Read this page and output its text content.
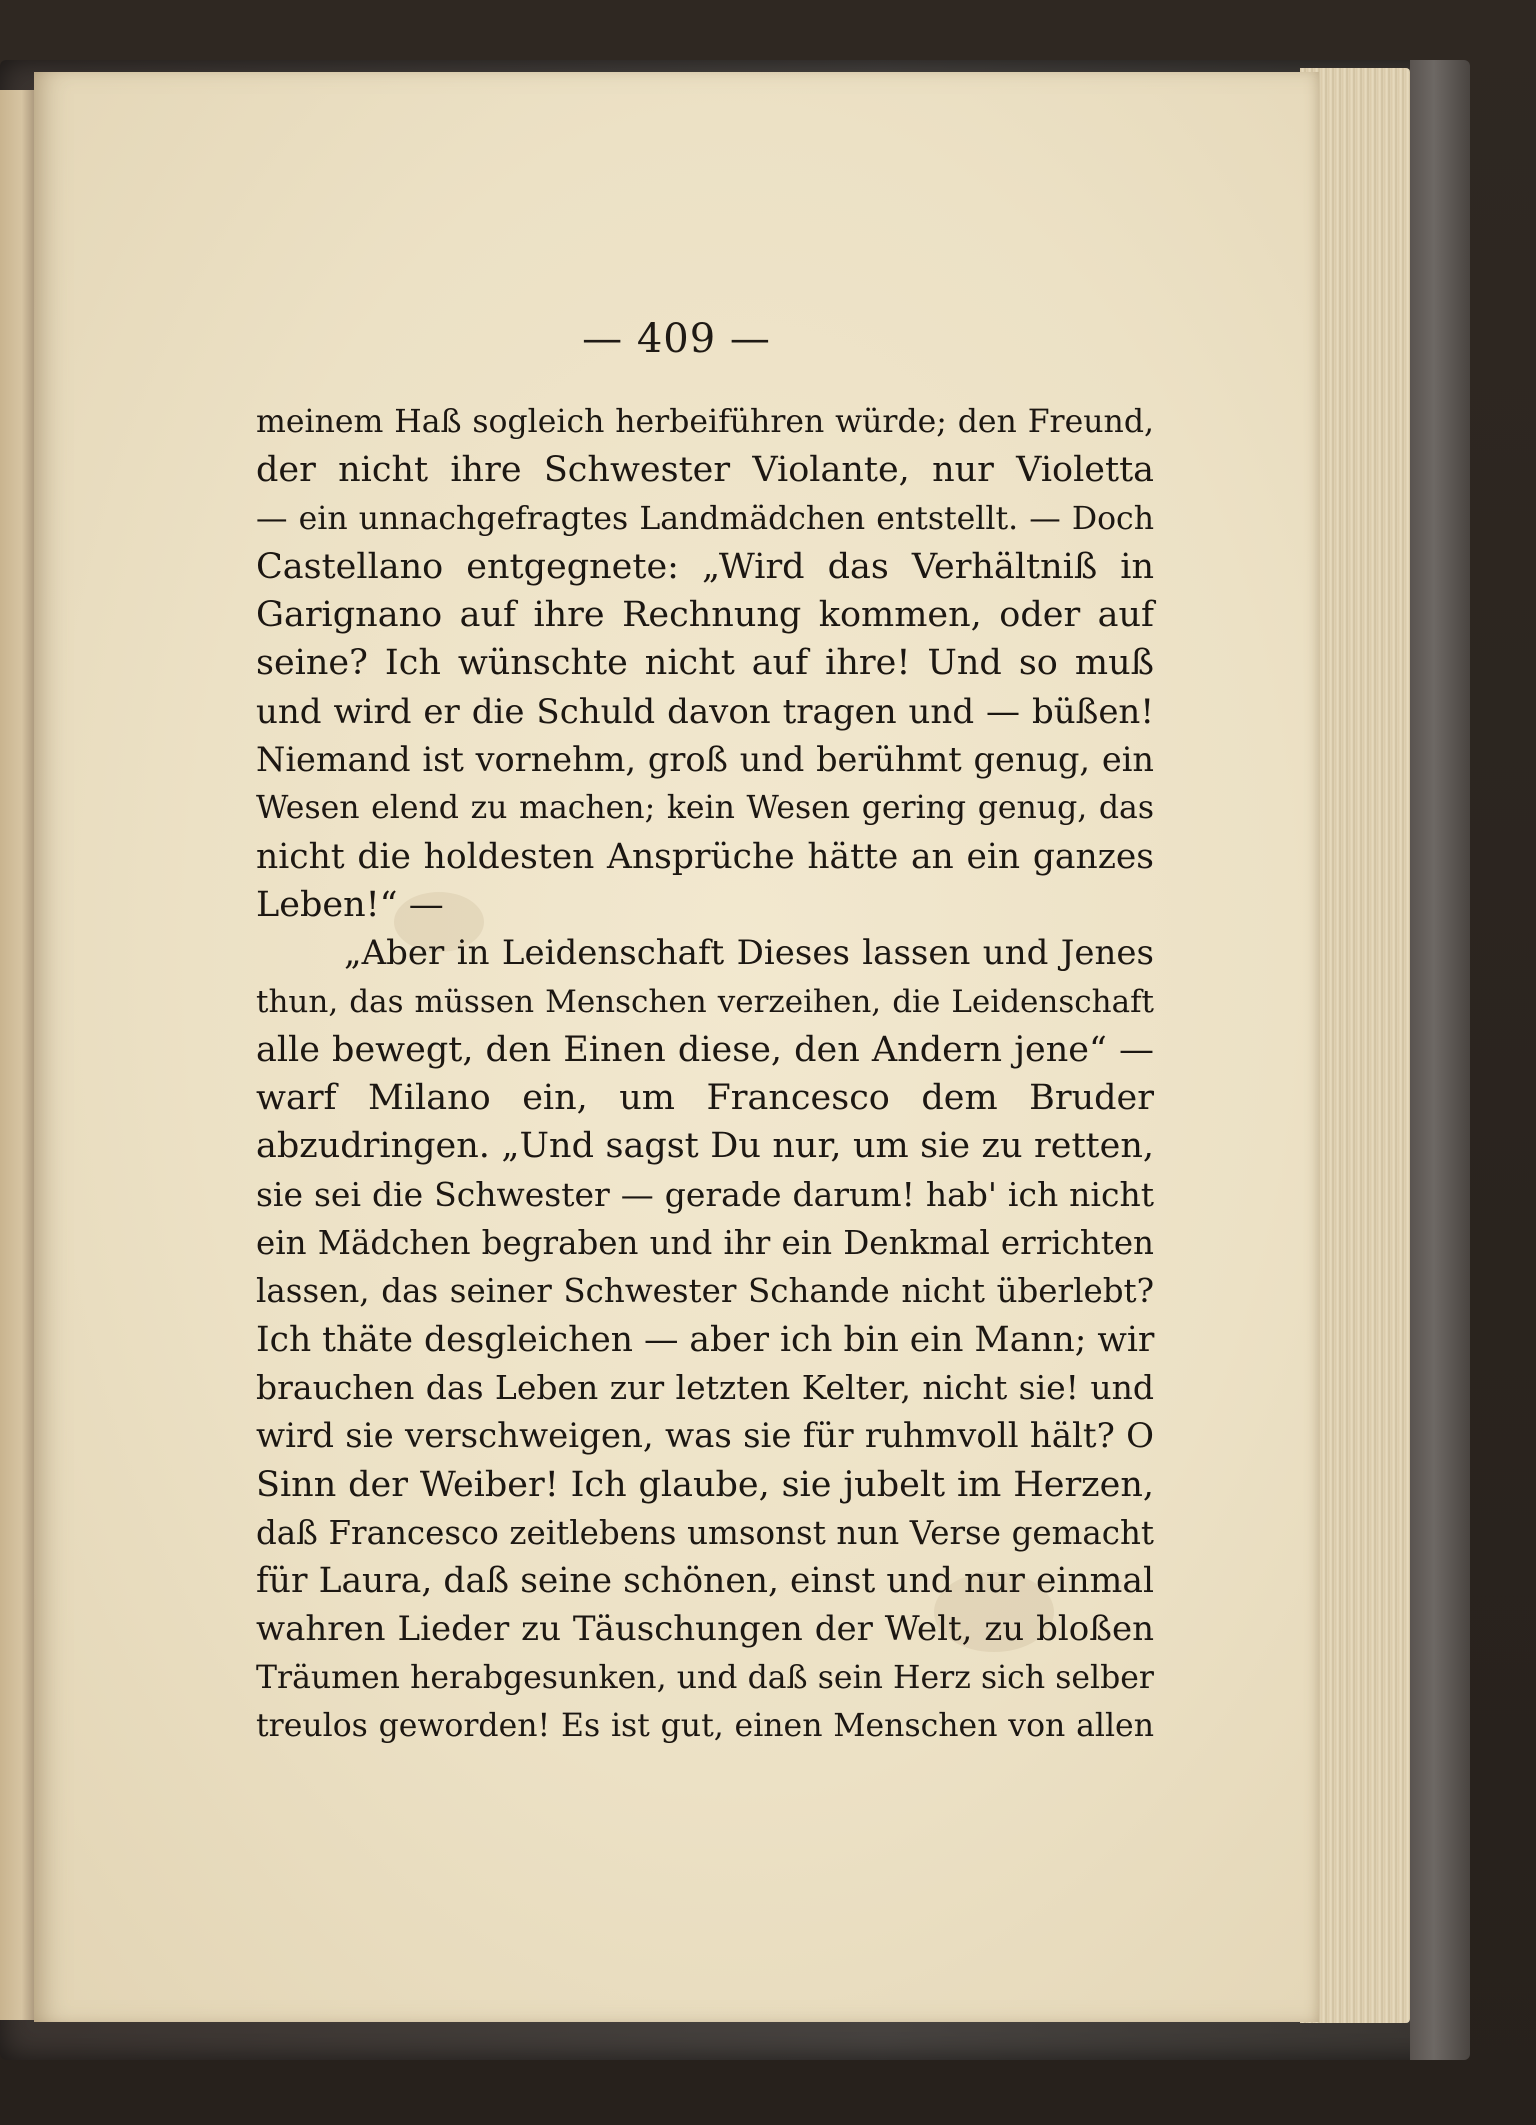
— 409 —
meinem Haß sogleich herbeiführen würde; den Freund,
der nicht ihre Schwester Violante, nur Violetta
— ein unnachgefragtes Landmädchen entstellt. — Doch
Castellano entgegnete: „Wird das Verhältniß in
Garignano auf ihre Rechnung kommen, oder auf
seine? Ich wünschte nicht auf ihre! Und so muß
und wird er die Schuld davon tragen und — büßen!
Niemand ist vornehm, groß und berühmt genug, ein
Wesen elend zu machen; kein Wesen gering genug, das
nicht die holdesten Ansprüche hätte an ein ganzes
Leben!“ —
„Aber in Leidenschaft Dieses lassen und Jenes
thun, das müssen Menschen verzeihen, die Leidenschaft
alle bewegt, den Einen diese, den Andern jene“ —
warf Milano ein, um Francesco dem Bruder
abzudringen. „Und sagst Du nur, um sie zu retten,
sie sei die Schwester — gerade darum! hab' ich nicht
ein Mädchen begraben und ihr ein Denkmal errichten
lassen, das seiner Schwester Schande nicht überlebt?
Ich thäte desgleichen — aber ich bin ein Mann; wir
brauchen das Leben zur letzten Kelter, nicht sie! und
wird sie verschweigen, was sie für ruhmvoll hält? O
Sinn der Weiber! Ich glaube, sie jubelt im Herzen,
daß Francesco zeitlebens umsonst nun Verse gemacht
für Laura, daß seine schönen, einst und nur einmal
wahren Lieder zu Täuschungen der Welt, zu bloßen
Träumen herabgesunken, und daß sein Herz sich selber
treulos geworden! Es ist gut, einen Menschen von allen
